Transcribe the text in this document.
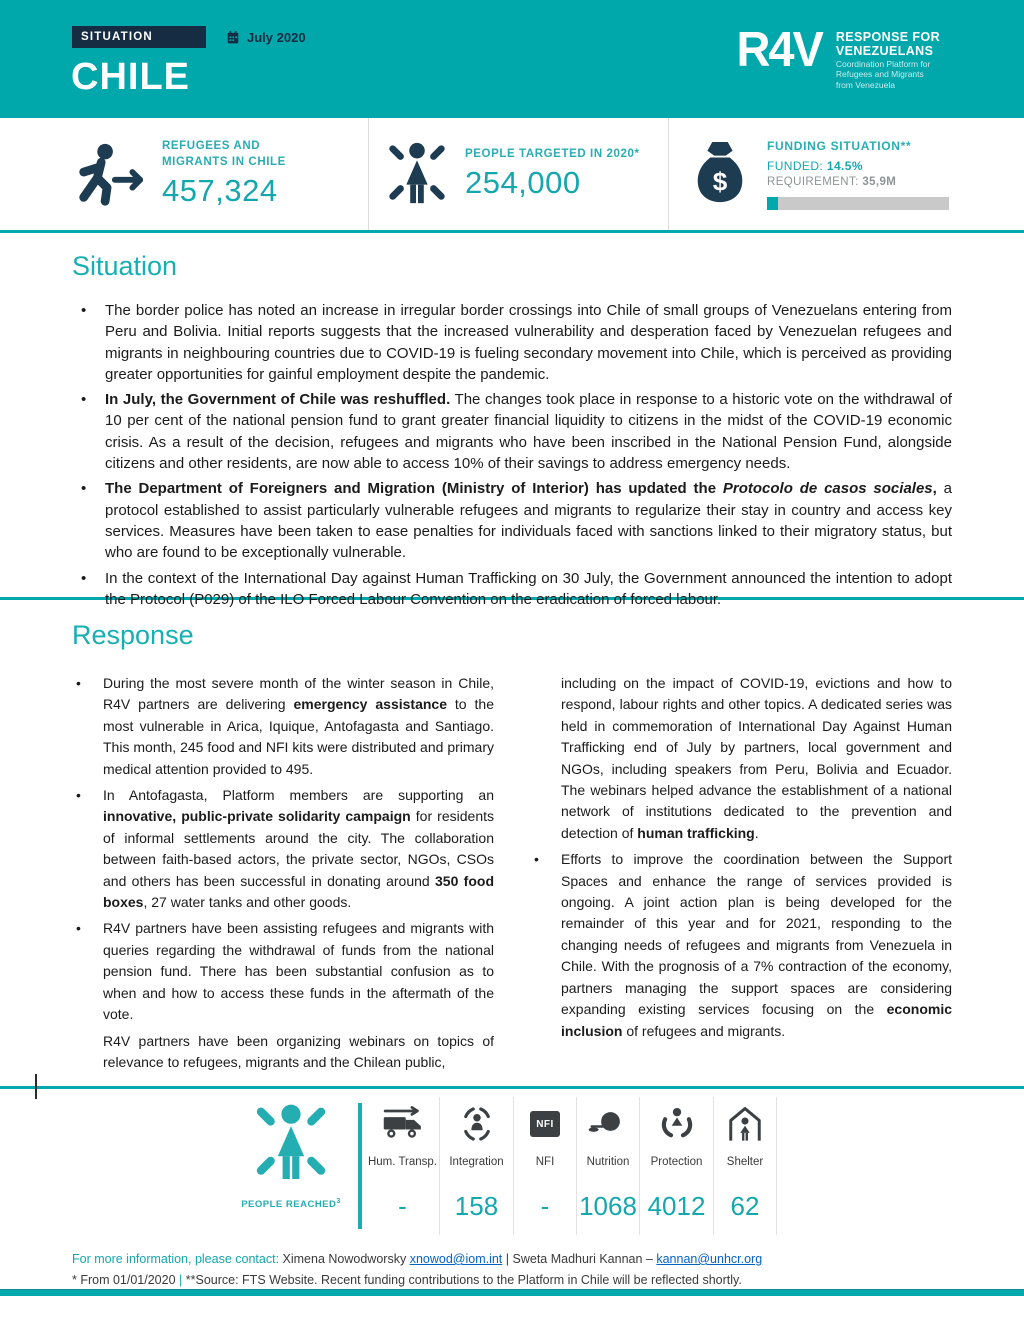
SITUATION	July 2020
CHILE
R4V RESPONSE FOR
VENEZUELANS
Coordination Platform for
Refugees and Migrants
from Venezuela
REFUGEES AND
MIGRANTS IN CHILE
457,324
PEOPLE TARGETED IN 2020*
254,000	$
FUNDING SITUATION**
FUNDED: 14.5%
REQUIREMENT: 35,9M
Situation
• The border police has noted an increase in irregular border crossings into Chile of small groups of Venezuelans entering from Peru and Bolivia. Initial reports suggests that the increased vulnerability and desperation faced by Venezuelan refugees and migrants in neighbouring countries due to COVID-19 is fueling secondary movement into Chile, which is perceived as providing greater opportunities for gainful employment despite the pandemic.
• In July, the Government of Chile was reshuffled. The changes took place in response to a historic vote on the withdrawal of 10 per cent of the national pension fund to grant greater financial liquidity to citizens in the midst of the COVID-19 economic crisis. As a result of the decision, refugees and migrants who have been inscribed in the National Pension Fund, alongside citizens and other residents, are now able to access 10% of their savings to address emergency needs.
• The Department of Foreigners and Migration (Ministry of Interior) has updated the Protocolo de casos sociales, a protocol established to assist particularly vulnerable refugees and migrants to regularize their stay in country and access key services. Measures have been taken to ease penalties for individuals faced with sanctions linked to their migratory status, but who are found to be exceptionally vulnerable.
• In the context of the International Day against Human Trafficking on 30 July, the Government announced the intention to adopt the Protocol (P029) of the ILO Forced Labour Convention on the eradication of forced labour.
Response
• During the most severe month of the winter season in Chile, R4V partners are delivering emergency assistance to the most vulnerable in Arica, Iquique, Antofagasta and Santiago. This month, 245 food and NFI kits were distributed and primary medical attention provided to 495.
• In Antofagasta, Platform members are supporting an innovative, public-private solidarity campaign for residents of informal settlements around the city. The collaboration between faith-based actors, the private sector, NGOs, CSOs and others has been successful in donating around 350 food boxes, 27 water tanks and other goods.
• R4V partners have been assisting refugees and migrants with queries regarding the withdrawal of funds from the national pension fund. There has been substantial confusion as to when and how to access these funds in the aftermath of the vote.
R4V partners have been organizing webinars on topics of relevance to refugees, migrants and the Chilean public,
including on the impact of COVID-19, evictions and how to respond, labour rights and other topics. A dedicated series was held in commemoration of International Day Against Human Trafficking end of July by partners, local government and NGOs, including speakers from Peru, Bolivia and Ecuador. The webinars helped advance the establishment of a national network of institutions dedicated to the prevention and detection of human trafficking.
• Efforts to improve the coordination between the Support Spaces and enhance the range of services provided is ongoing. A joint action plan is being developed for the remainder of this year and for 2021, responding to the changing needs of refugees and migrants from Venezuela in Chile. With the prognosis of a 7% contraction of the economy, partners managing the support spaces are considering expanding existing services focusing on the economic inclusion of refugees and migrants.
PEOPLE REACHED$^3$
Hum. Transp.
-
Integration
158
NFI
NFI
-
Nutrition
1068
Protection
4012
Shelter
62
For more information, please contact: Ximena Nowodworsky xnowod@iom.int | Sweta Madhuri Kannan – kannan@unhcr.org
* From 01/01/2020 | **Source: FTS Website. Recent funding contributions to the Platform in Chile will be reflected shortly.
